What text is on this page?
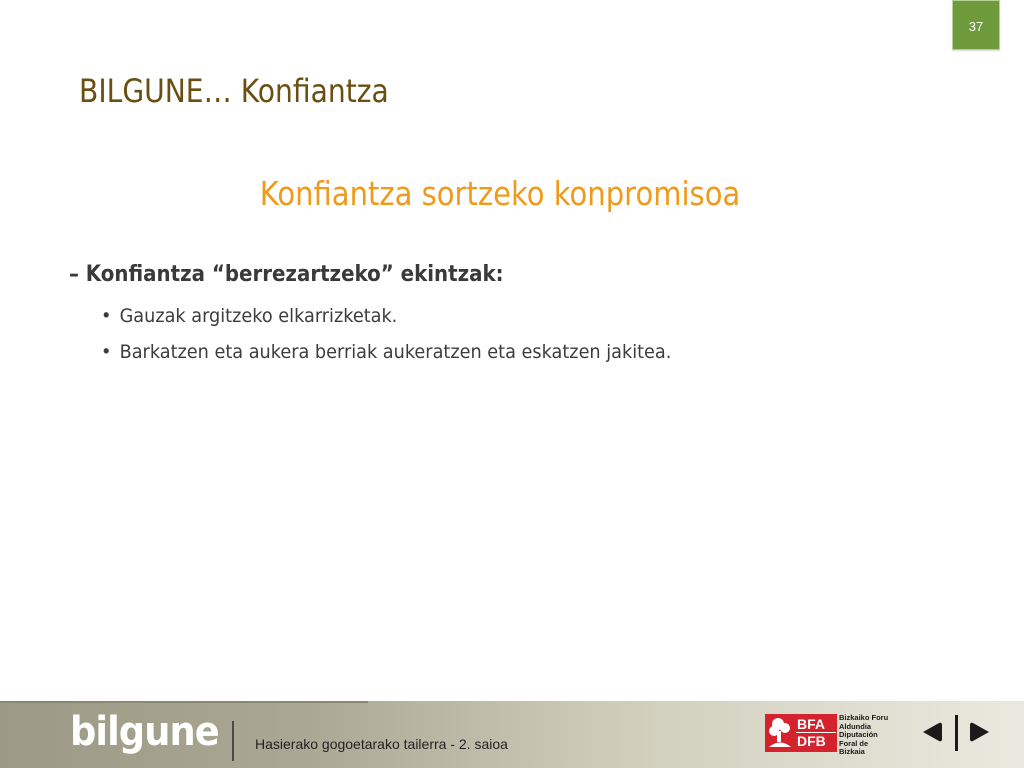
37
BILGUNE… Konfiantza
Konfiantza sortzeko konpromisoa
– Konfiantza “berrezartzeko” ekintzak:
• Gauzak argitzeko elkarrizketak.
• Barkatzen eta aukera berriak aukeratzen eta eskatzen jakitea.
bilgune	Hasierako gogoetarako tailerra - 2. saioa
BFA
DFB
Bizkaiko Foru
Aldundia
Diputación
Foral de Bizkaia
